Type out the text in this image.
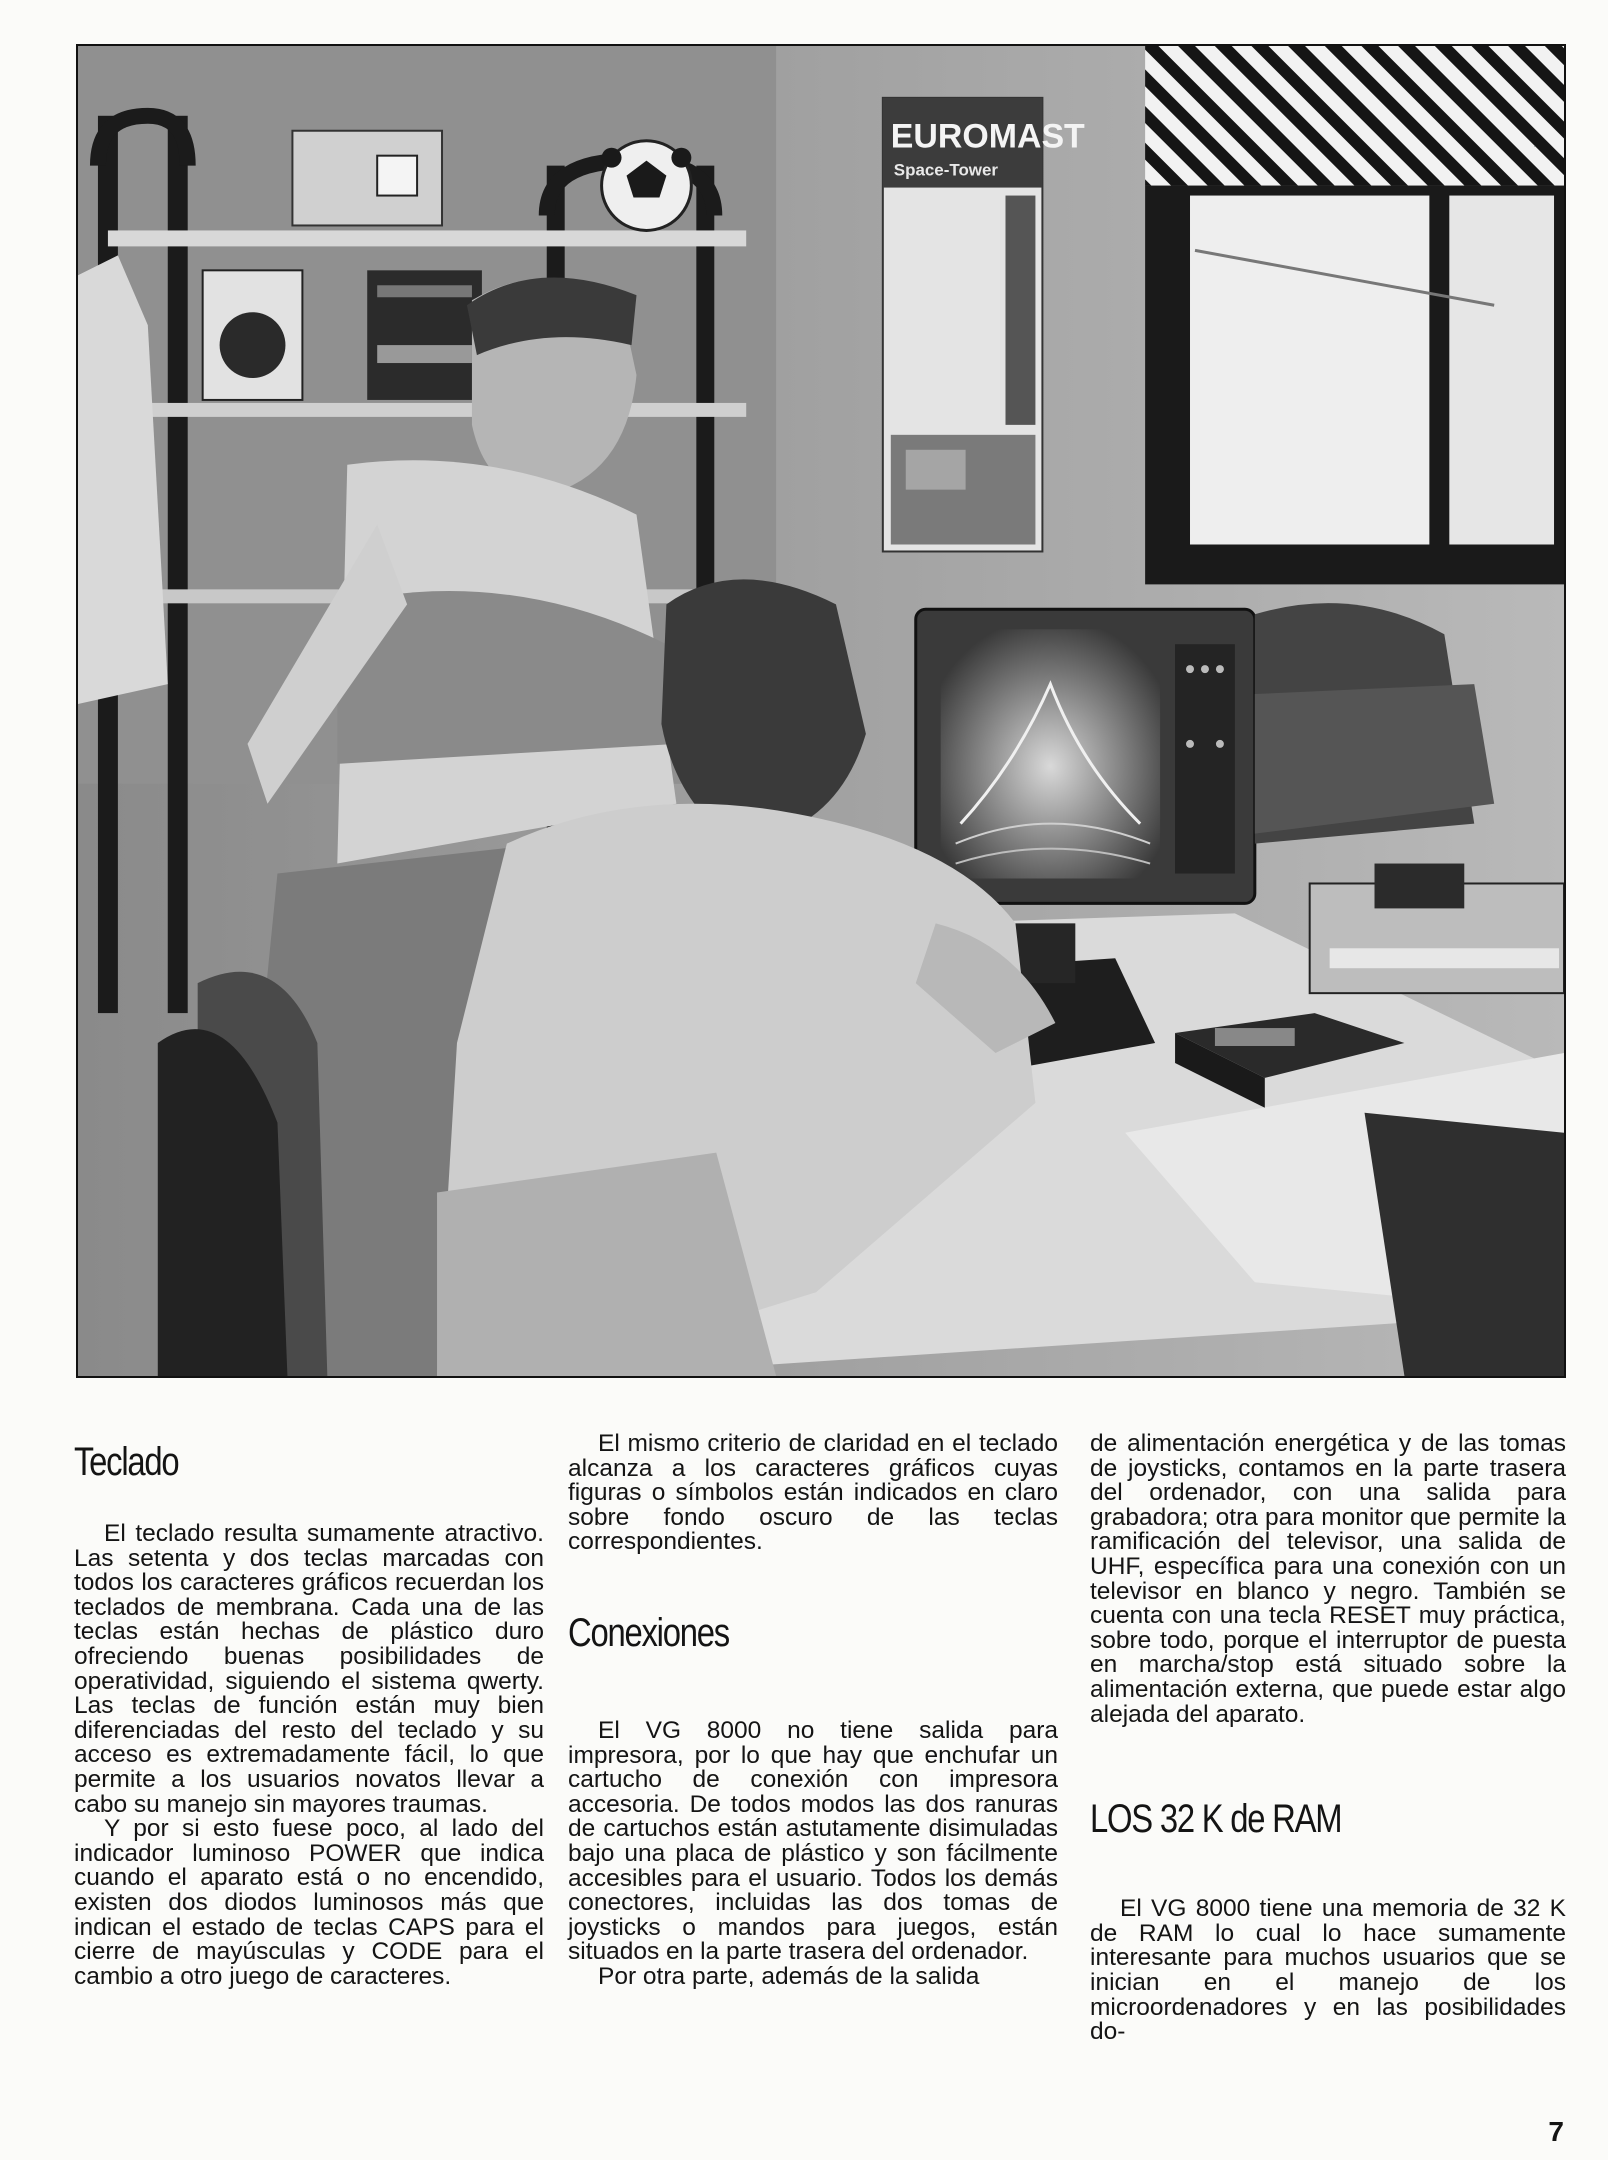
EUROMAST
Space-Tower
Teclado

El teclado resulta sumamente atractivo. Las setenta y dos teclas marcadas con todos los caracteres gráficos recuerdan los teclados de membrana. Cada una de las teclas están hechas de plástico duro ofreciendo buenas posibilidades de operatividad, siguiendo el sistema qwerty. Las teclas de función están muy bien diferenciadas del resto del teclado y su acceso es extremadamente fácil, lo que permite a los usuarios novatos llevar a cabo su manejo sin mayores traumas.

Y por si esto fuese poco, al lado del indicador luminoso POWER que indica cuando el aparato está o no encendido, existen dos diodos luminosos más que indican el estado de teclas CAPS para el cierre de mayúsculas y CODE para el cambio a otro juego de caracteres.

El mismo criterio de claridad en el teclado alcanza a los caracteres gráficos cuyas figuras o símbolos están indicados en claro sobre fondo oscuro de las teclas correspondientes.

Conexiones

El VG 8000 no tiene salida para impresora, por lo que hay que enchufar un cartucho de conexión con impresora accesoria. De todos modos las dos ranuras de cartuchos están astutamente disimuladas bajo una placa de plástico y son fácilmente accesibles para el usuario. Todos los demás conectores, incluidas las dos tomas de joysticks o mandos para juegos, están situados en la parte trasera del ordenador.

Por otra parte, además de la salida

de alimentación energética y de las tomas de joysticks, contamos en la parte trasera del ordenador, con una salida para grabadora; otra para monitor que permite la ramificación del televisor, una salida de UHF, específica para una conexión con un televisor en blanco y negro. También se cuenta con una tecla RESET muy práctica, sobre todo, porque el interruptor de puesta en marcha/stop está situado sobre la alimentación externa, que puede estar algo alejada del aparato.

LOS 32 K de RAM

El VG 8000 tiene una memoria de 32 K de RAM lo cual lo hace sumamente interesante para muchos usuarios que se inician en el manejo de los microordenadores y en las posibilidades do-

7
